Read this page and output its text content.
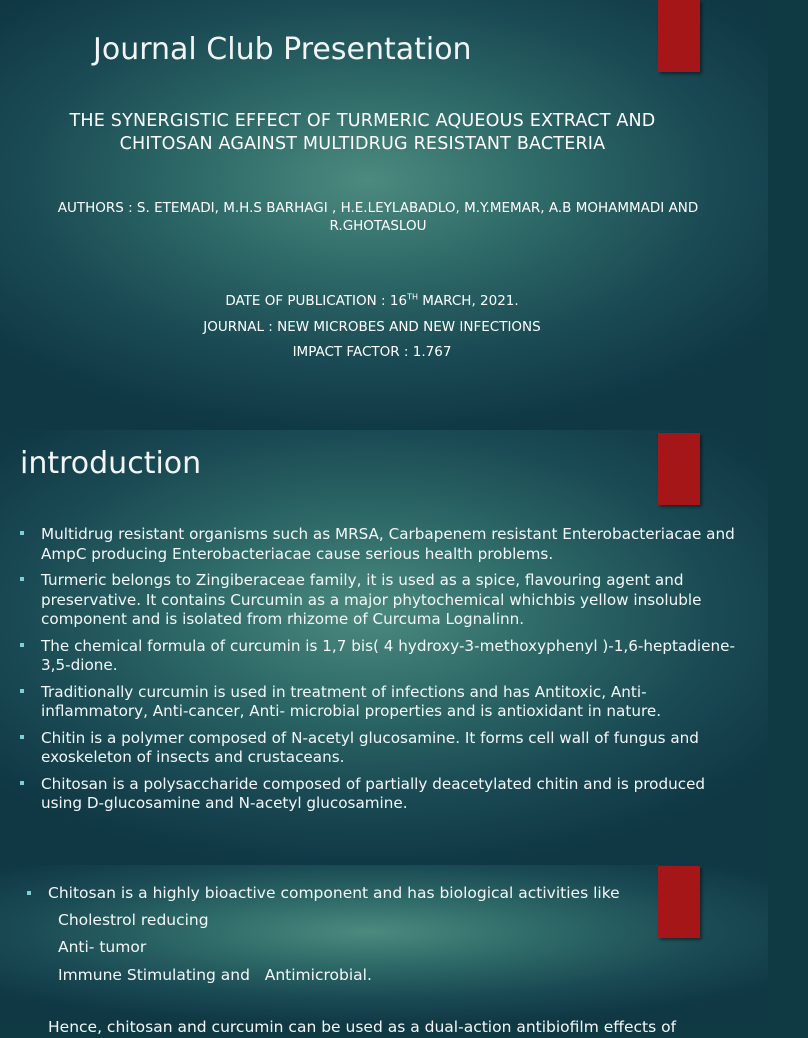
Journal Club Presentation
THE SYNERGISTIC EFFECT OF TURMERIC AQUEOUS EXTRACT AND
CHITOSAN AGAINST MULTIDRUG RESISTANT BACTERIA
AUTHORS : S. ETEMADI, M.H.S BARHAGI , H.E.LEYLABADLO, M.Y.MEMAR, A.B MOHAMMADI AND
R.GHOTASLOU
DATE OF PUBLICATION : 16TH MARCH, 2021.
JOURNAL : NEW MICROBES AND NEW INFECTIONS
IMPACT FACTOR : 1.767
introduction
Multidrug resistant organisms such as MRSA, Carbapenem resistant Enterobacteriacae and AmpC producing Enterobacteriacae cause serious health problems.
Turmeric belongs to Zingiberaceae family, it is used as a spice, flavouring agent and preservative. It contains Curcumin as a major phytochemical whichbis yellow insoluble component and is isolated from rhizome of Curcuma Lognalinn.
The chemical formula of curcumin is 1,7 bis( 4 hydroxy-3-methoxyphenyl )-1,6-heptadiene-3,5-dione.
Traditionally curcumin is used in treatment of infections and has Antitoxic, Anti-inflammatory, Anti-cancer, Anti- microbial properties and is antioxidant in nature.
Chitin is a polymer composed of N-acetyl glucosamine. It forms cell wall of fungus and exoskeleton of insects and crustaceans.
Chitosan is a polysaccharide composed of partially deacetylated chitin and is produced using D-glucosamine and N-acetyl glucosamine.
Chitosan is a highly bioactive component and has biological activities like
Cholestrol reducing
Anti- tumor
Immune Stimulating and   Antimicrobial.
Hence, chitosan and curcumin can be used as a dual-action antibiofilm effects of
